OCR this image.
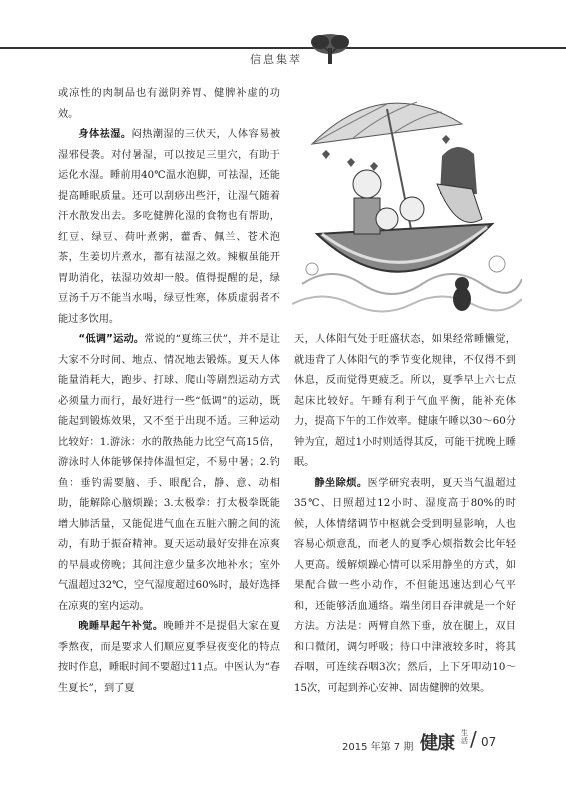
信息集萃

或凉性的肉制品也有滋阴养胃、健脾补虚的功效。

身体祛湿。闷热潮湿的三伏天，人体容易被湿邪侵袭。对付暑湿，可以按足三里穴，有助于运化水湿。睡前用40℃温水泡脚，可祛湿，还能提高睡眠质量。还可以刮痧出些汗，让湿气随着汗水散发出去。多吃健脾化湿的食物也有帮助，红豆、绿豆、荷叶煮粥，藿香、佩兰、苍术泡茶，生姜切片煮水，都有祛湿之效。辣椒虽能开胃助消化，祛湿功效却一般。值得提醒的是，绿豆汤千万不能当水喝，绿豆性寒，体质虚弱者不能过多饮用。

“低调”运动。常说的“夏练三伏”，并不是让大家不分时间、地点、情况地去锻炼。夏天人体能量消耗大，跑步、打球、爬山等剧烈运动方式必须量力而行，最好进行一些“低调”的运动，既能起到锻炼效果，又不至于出现不适。三种运动比较好：1.游泳：水的散热能力比空气高15倍，游泳时人体能够保持体温恒定，不易中暑；2.钓鱼：垂钓需要脑、手、眼配合，静、意、动相助，能解除心脑烦躁；3.太极拳：打太极拳既能增大肺活量，又能促进气血在五脏六腑之间的流动，有助于振奋精神。夏天运动最好安排在凉爽的早晨或傍晚；其间注意少量多次地补水；室外气温超过32℃，空气湿度超过60%时，最好选择在凉爽的室内运动。

晚睡早起午补觉。晚睡并不是提倡大家在夏季熬夜，而是要求人们顺应夏季昼夜变化的特点按时作息，睡眠时间不要超过11点。中医认为“春生夏长”，到了夏

天，人体阳气处于旺盛状态，如果经常睡懒觉，就违背了人体阳气的季节变化规律，不仅得不到休息，反而觉得更疲乏。所以，夏季早上六七点起床比较好。午睡有利于气血平衡，能补充体力，提高下午的工作效率。健康午睡以30～60分钟为宜，超过1小时则适得其反，可能干扰晚上睡眠。

静坐除烦。医学研究表明，夏天当气温超过35℃、日照超过12小时、湿度高于80%的时候，人体情绪调节中枢就会受到明显影响，人也容易心烦意乱，而老人的夏季心烦指数会比年轻人更高。缓解烦躁心情可以采用静坐的方式，如果配合做一些小动作，不但能迅速达到心气平和，还能够活血通络。端坐闭目吞津就是一个好方法。方法是：两臂自然下垂，放在腿上，双目和口微闭，调匀呼吸；待口中津液较多时，将其吞咽，可连续吞咽3次；然后，上下牙叩动10～15次，可起到养心安神、固齿健脾的效果。

2015 年第 7 期 健康 生活 / 07
